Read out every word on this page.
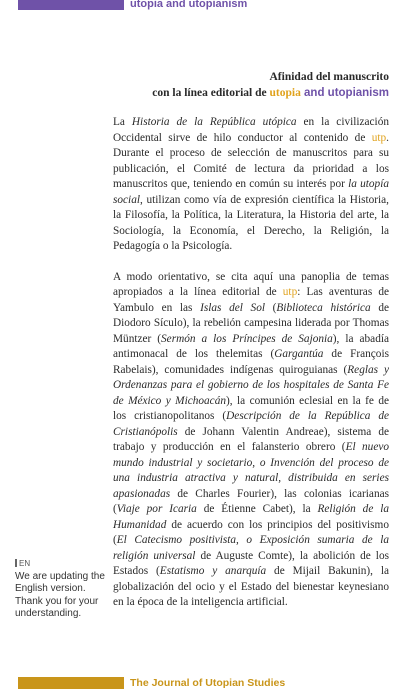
utopia and utopianism
Afinidad del manuscrito
con la línea editorial de utopia and utopianism

La Historia de la República utópica en la civilización Occidental sirve de hilo conductor al contenido de utp. Durante el proceso de selección de manuscritos para su publicación, el Comité de lectura da prioridad a los manuscritos que, teniendo en común su interés por la utopía social, utilizan como vía de expresión científica la Historia, la Filosofía, la Política, la Literatura, la Historia del arte, la Sociología, la Economía, el Derecho, la Religión, la Pedagogía o la Psicología.

A modo orientativo, se cita aquí una panoplia de temas apropiados a la línea editorial de utp: Las aventuras de Yambulo en las Islas del Sol (Biblioteca histórica de Diodoro Sículo), la rebelión campesina liderada por Thomas Müntzer (Sermón a los Príncipes de Sajonia), la abadía antimonacal de los thelemitas (Gargantúa de François Rabelais), comunidades indígenas quiroguianas (Reglas y Ordenanzas para el gobierno de los hospitales de Santa Fe de México y Michoacán), la comunión eclesial en la fe de los cristianopolitanos (Descripción de la República de Cristianópolis de Johann Valentin Andreae), sistema de trabajo y producción en el falansterio obrero (El nuevo mundo industrial y societario, o Invención del proceso de una industria atractiva y natural, distribuida en series apasionadas de Charles Fourier), las colonias icarianas (Viaje por Icaria de Étienne Cabet), la Religión de la Humanidad de acuerdo con los principios del positivismo (El Catecismo positivista, o Exposición sumaria de la religión universal de Auguste Comte), la abolición de los Estados (Estatismo y anarquía de Mijail Bakunin), la globalización del ocio y el Estado del bienestar keynesiano en la época de la inteligencia artificial.

EN
We are updating the English version. Thank you for your understanding.
The Journal of Utopian Studies
